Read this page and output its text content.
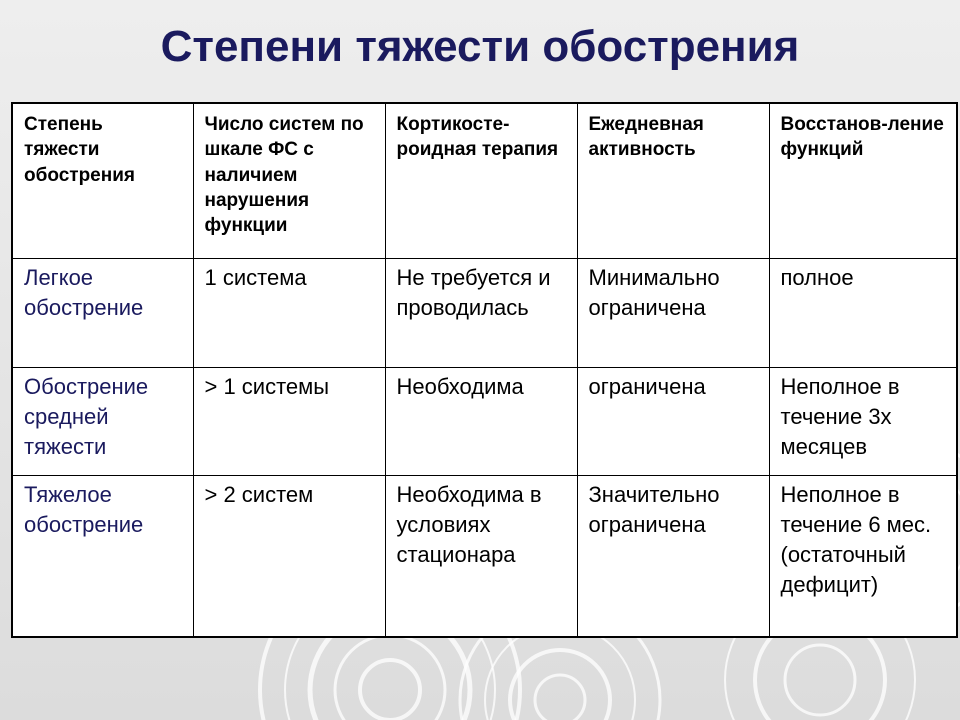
Степени тяжести обострения
Степень тяжести обострения	Число систем по шкале ФС с наличием нарушения функции	Кортикосте-роидная терапия	Ежедневная активность	Восстанов-ление функций
Легкое обострение	1 система	Не требуется и проводилась	Минимально ограничена	полное
Обострение средней тяжести	> 1 системы	Необходима	ограничена	Неполное в течение 3х месяцев
Тяжелое обострение	> 2 систем	Необходима в условиях стационара	Значительно ограничена	Неполное в течение 6 мес. (остаточный дефицит)
